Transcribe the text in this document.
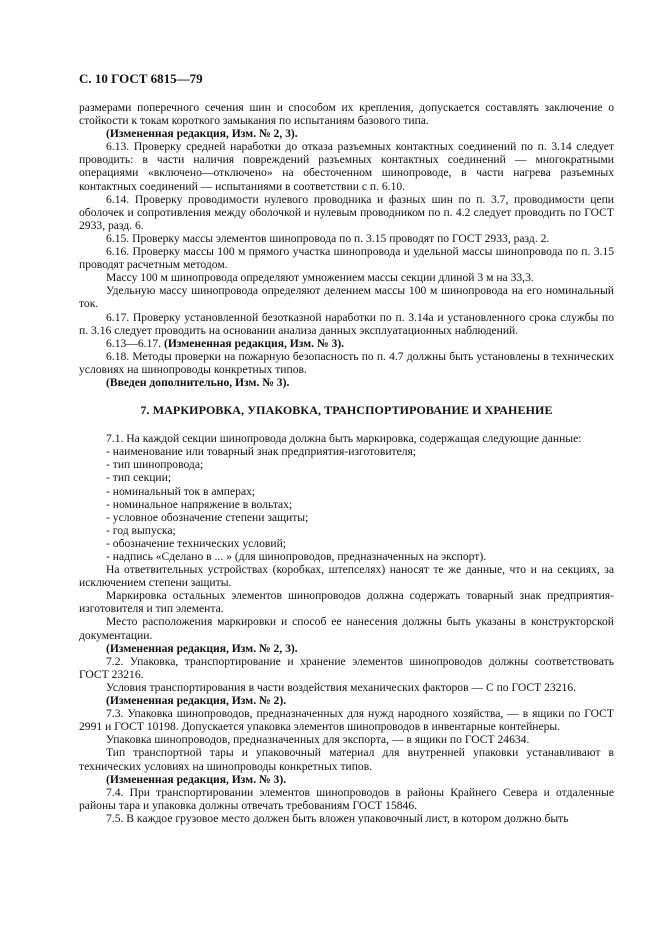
С. 10 ГОСТ 6815—79

размерами поперечного сечения шин и способом их крепления, допускается составлять заключение о стойкости к токам короткого замыкания по испытаниям базового типа.

(Измененная редакция, Изм. № 2, 3).

6.13. Проверку средней наработки до отказа разъемных контактных соединений по п. 3.14 следует проводить: в части наличия повреждений разъемных контактных соединений — многократными операциями «включено—отключено» на обесточенном шинопроводе, в части нагрева разъемных контактных соединений — испытаниями в соответствии с п. 6.10.

6.14. Проверку проводимости нулевого проводника и фазных шин по п. 3.7, проводимости цепи оболочек и сопротивления между оболочкой и нулевым проводником по п. 4.2 следует проводить по ГОСТ 2933, разд. 6.

6.15. Проверку массы элементов шинопровода по п. 3.15 проводят по ГОСТ 2933, разд. 2.

6.16. Проверку массы 100 м прямого участка шинопровода и удельной массы шинопровода по п. 3.15 проводят расчетным методом.

Массу 100 м шинопровода определяют умножением массы секции длиной 3 м на 33,3.

Удельную массу шинопровода определяют делением массы 100 м шинопровода на его номинальный ток.

6.17. Проверку установленной безотказной наработки по п. 3.14а и установленного срока службы по п. 3.16 следует проводить на основании анализа данных эксплуатационных наблюдений.

6.13—6.17. (Измененная редакция, Изм. № 3).

6.18. Методы проверки на пожарную безопасность по п. 4.7 должны быть установлены в технических условиях на шинопроводы конкретных типов.

(Введен дополнительно, Изм. № 3).

7. МАРКИРОВКА, УПАКОВКА, ТРАНСПОРТИРОВАНИЕ И ХРАНЕНИЕ

7.1. На каждой секции шинопровода должна быть маркировка, содержащая следующие данные:

- наименование или товарный знак предприятия-изготовителя;
- тип шинопровода;
- тип секции;
- номинальный ток в амперах;
- номинальное напряжение в вольтах;
- условное обозначение степени защиты;
- год выпуска;
- обозначение технических условий;
- надпись «Сделано в ... » (для шинопроводов, предназначенных на экспорт).

На ответвительных устройствах (коробках, штепселях) наносят те же данные, что и на секциях, за исключением степени защиты.

Маркировка остальных элементов шинопроводов должна содержать товарный знак предприятия-изготовителя и тип элемента.

Место расположения маркировки и способ ее нанесения должны быть указаны в конструкторской документации.

(Измененная редакция, Изм. № 2, 3).

7.2. Упаковка, транспортирование и хранение элементов шинопроводов должны соответствовать ГОСТ 23216.

Условия транспортирования в части воздействия механических факторов — С по ГОСТ 23216.

(Измененная редакция, Изм. № 2).

7.3. Упаковка шинопроводов, предназначенных для нужд народного хозяйства, — в ящики по ГОСТ 2991 и ГОСТ 10198. Допускается упаковка элементов шинопроводов в инвентарные контейнеры.

Упаковка шинопроводов, предназначенных для экспорта, — в ящики по ГОСТ 24634.

Тип транспортной тары и упаковочный материал для внутренней упаковки устанавливают в технических условиях на шинопроводы конкретных типов.

(Измененная редакция, Изм. № 3).

7.4. При транспортировании элементов шинопроводов в районы Крайнего Севера и отдаленные районы тара и упаковка должны отвечать требованиям ГОСТ 15846.

7.5. В каждое грузовое место должен быть вложен упаковочный лист, в котором должно быть
